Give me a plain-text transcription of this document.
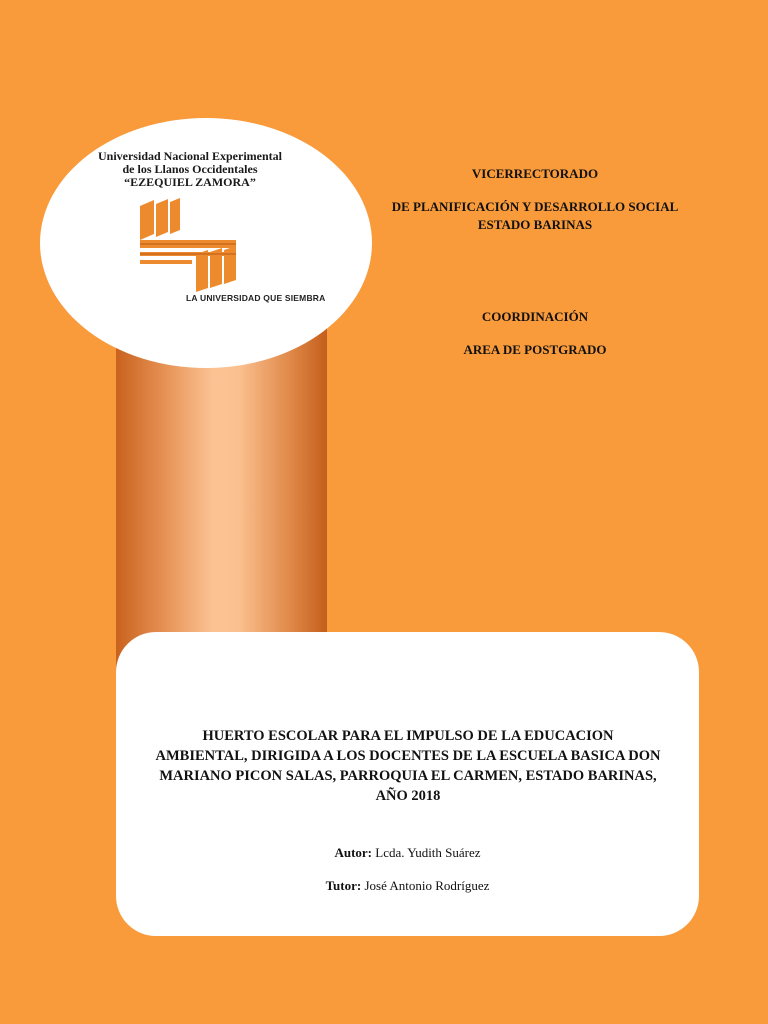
Universidad Nacional Experimental
de los Llanos Occidentales
“EZEQUIEL ZAMORA”
LA UNIVERSIDAD QUE SIEMBRA
VICERRECTORADO
DE PLANIFICACIÓN Y DESARROLLO SOCIAL
ESTADO BARINAS
COORDINACIÓN
AREA DE POSTGRADO
HUERTO ESCOLAR PARA EL IMPULSO DE LA EDUCACION
AMBIENTAL, DIRIGIDA A LOS DOCENTES DE LA ESCUELA BASICA DON
MARIANO PICON SALAS, PARROQUIA EL CARMEN, ESTADO BARINAS,
AÑO 2018
Autor: Lcda. Yudith Suárez
Tutor: José Antonio Rodríguez
